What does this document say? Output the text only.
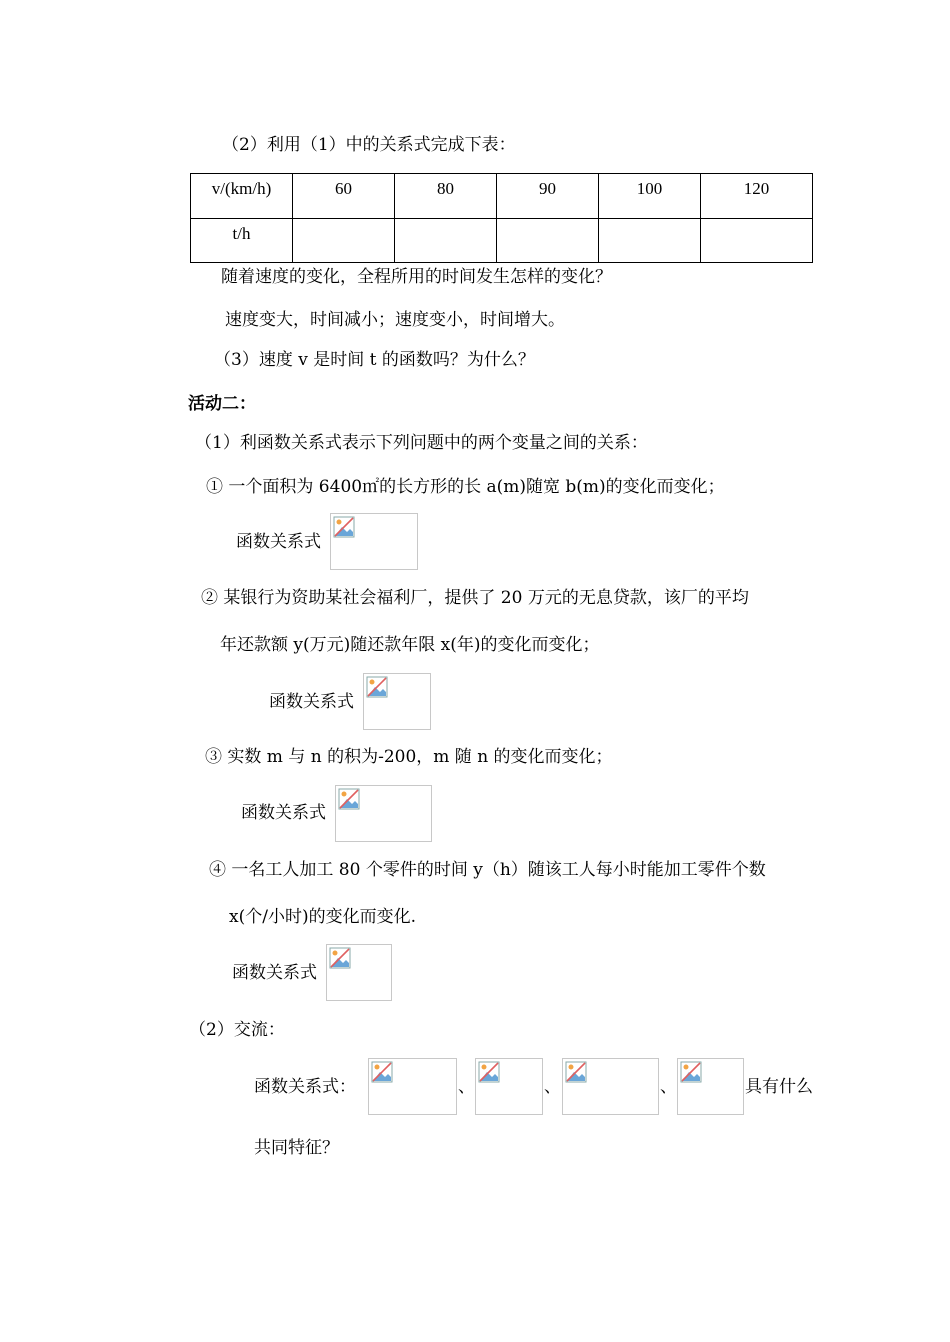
（2）利用（1）中的关系式完成下表：
v/(km/h)	60	80	90	100	120
t/h					
随着速度的变化，全程所用的时间发生怎样的变化？
速度变大，时间减小；速度变小，时间增大。
（3）速度 v 是时间 t 的函数吗？为什么？
活动二：
（1）利函数关系式表示下列问题中的两个变量之间的关系：
① 一个面积为 6400㎡的长方形的长 a(m)随宽 b(m)的变化而变化；
函数关系式
② 某银行为资助某社会福利厂，提供了 20 万元的无息贷款，该厂的平均
年还款额 y(万元)随还款年限 x(年)的变化而变化；
函数关系式
③ 实数 m 与 n 的积为-200，m 随 n 的变化而变化；
函数关系式
④ 一名工人加工 80 个零件的时间 y（h）随该工人每小时能加工零件个数
x(个/小时)的变化而变化.
函数关系式
（2）交流：
函数关系式：	、	、	、	具有什么
共同特征？
